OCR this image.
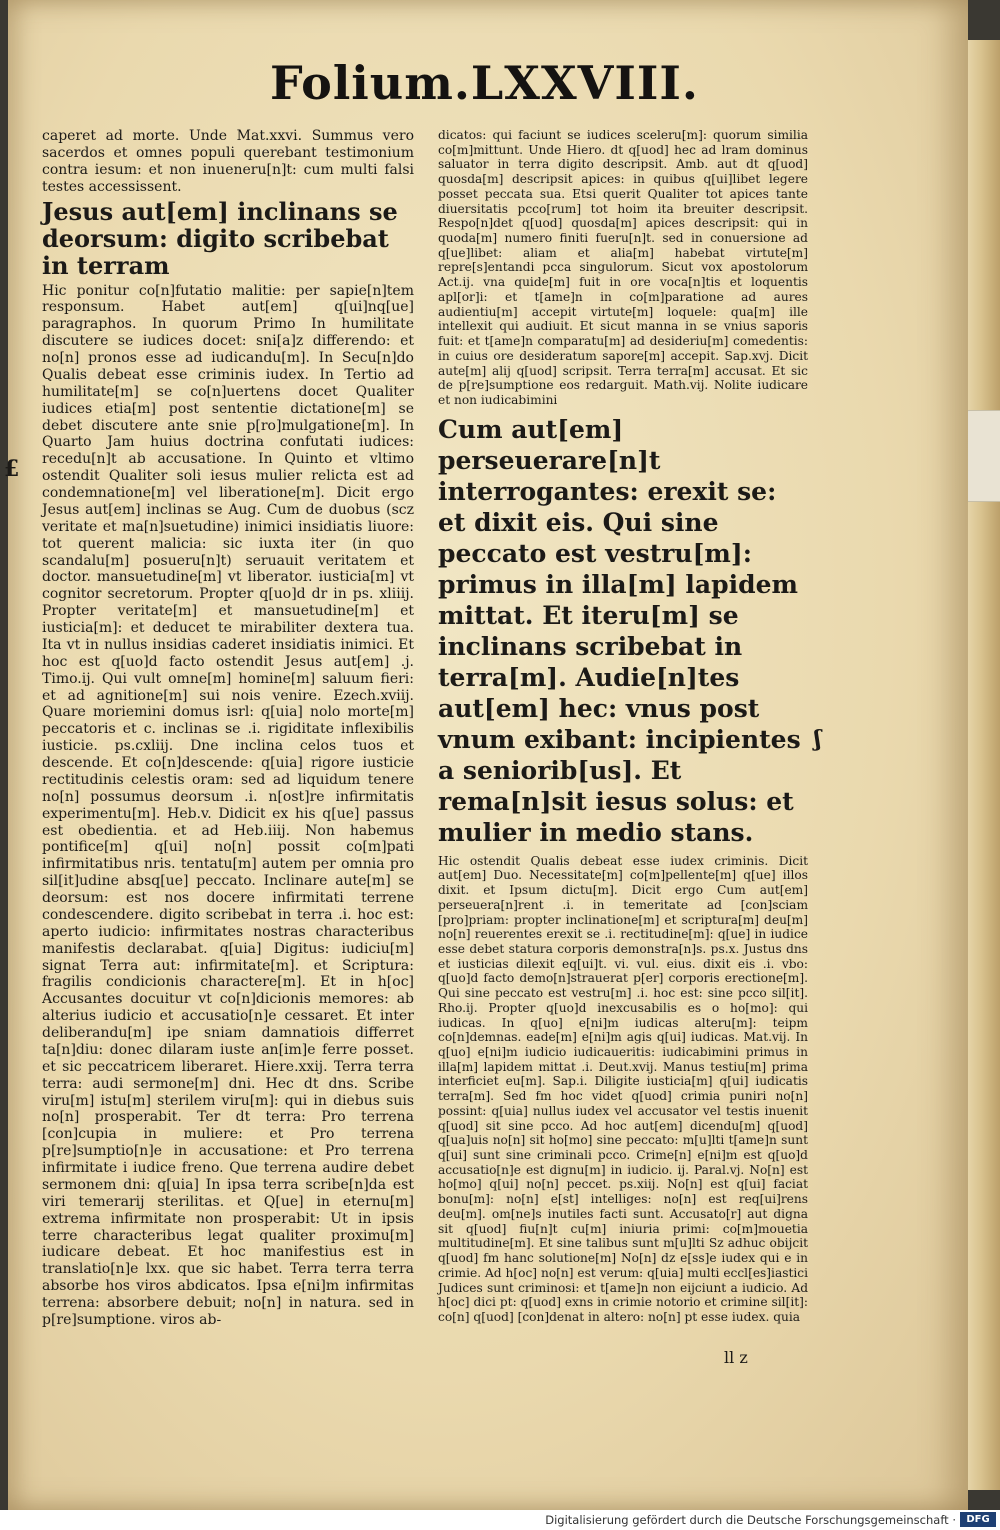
Folium.LXXVIII.

caperet ad morte. Unde Mat.xxvi. Summus vero sacerdos et omnes populi querebant testimonium contra iesum: et non inueneru[n]t: cum multi falsi testes accessissent.

Jesus aut[em] inclinans se deorsum: digito scribebat in terram

Hic ponitur co[n]futatio malitie: per sapie[n]tem responsum. Habet aut[em] q[ui]nq[ue] paragraphos. In quorum Primo In humilitate discutere se iudices docet: sni[a]z differendo: et no[n] pronos esse ad iudicandu[m]. In Secu[n]do Qualis debeat esse criminis iudex. In Tertio ad humilitate[m] se co[n]uertens docet Qualiter iudices etia[m] post sententie dictatione[m] se debet discutere ante snie p[ro]mulgatione[m]. In Quarto Jam huius doctrina confutati iudices: recedu[n]t ab accusatione. In Quinto et vltimo ostendit Qualiter soli iesus mulier relicta est ad condemnatione[m] vel liberatione[m]. Dicit ergo Jesus aut[em] inclinas se Aug. Cum de duobus (scz veritate et ma[n]suetudine) inimici insidiatis liuore: tot querent malicia: sic iuxta iter (in quo scandalu[m] posueru[n]t) seruauit veritatem et doctor. mansuetudine[m] vt liberator. iusticia[m] vt cognitor secretorum. Propter q[uo]d dr in ps. xliiij. Propter veritate[m] et mansuetudine[m] et iusticia[m]: et deducet te mirabiliter dextera tua. Ita vt in nullus insidias caderet insidiatis inimici. Et hoc est q[uo]d facto ostendit Jesus aut[em] .j. Timo.ij. Qui vult omne[m] homine[m] saluum fieri: et ad agnitione[m] sui nois venire. Ezech.xviij. Quare moriemini domus isrl: q[uia] nolo morte[m] peccatoris et c. inclinas se .i. rigiditate inflexibilis iusticie. ps.cxliij. Dne inclina celos tuos et descende. Et co[n]descende: q[uia] rigore iusticie rectitudinis celestis oram: sed ad liquidum tenere no[n] possumus deorsum .i. n[ost]re infirmitatis experimentu[m]. Heb.v. Didicit ex his q[ue] passus est obedientia. et ad Heb.iiij. Non habemus pontifice[m] q[ui] no[n] possit co[m]pati infirmitatibus nris. tentatu[m] autem per omnia pro sil[it]udine absq[ue] peccato. Inclinare aute[m] se deorsum: est nos docere infirmitati terrene condescendere. digito scribebat in terra .i. hoc est: aperto iudicio: infirmitates nostras characteribus manifestis declarabat. q[uia] Digitus: iudiciu[m] signat Terra aut: infirmitate[m]. et Scriptura: fragilis condicionis charactere[m]. Et in h[oc] Accusantes docuitur vt co[n]dicionis memores: ab alterius iudicio et accusatio[n]e cessaret. Et inter deliberandu[m] ipe sniam damnatiois differret ta[n]diu: donec dilaram iuste an[im]e ferre posset. et sic peccatricem liberaret. Hiere.xxij. Terra terra terra: audi sermone[m] dni. Hec dt dns. Scribe viru[m] istu[m] sterilem viru[m]: qui in diebus suis no[n] prosperabit. Ter dt terra: Pro terrena [con]cupia in muliere: et Pro terrena p[re]sumptio[n]e in accusatione: et Pro terrena infirmitate i iudice freno. Que terrena audire debet sermonem dni: q[uia] In ipsa terra scribe[n]da est viri temerarij sterilitas. et Q[ue] in eternu[m] extrema infirmitate non prosperabit: Ut in ipsis terre characteribus legat qualiter proximu[m] iudicare debeat. Et hoc manifestius est in translatio[n]e lxx. que sic habet. Terra terra terra absorbe hos viros abdicatos. Ipsa e[ni]m infirmitas terrena: absorbere debuit; no[n] in natura. sed in p[re]sumptione. viros ab-

dicatos: qui faciunt se iudices sceleru[m]: quorum similia co[m]mittunt. Unde Hiero. dt q[uod] hec ad lram dominus saluator in terra digito descripsit. Amb. aut dt q[uod] quosda[m] descripsit apices: in quibus q[ui]libet legere posset peccata sua. Etsi querit Qualiter tot apices tante diuersitatis pcco[rum] tot hoim ita breuiter descripsit. Respo[n]det q[uod] quosda[m] apices descripsit: qui in quoda[m] numero finiti fueru[n]t. sed in conuersione ad q[ue]libet: aliam et alia[m] habebat virtute[m] repre[s]entandi pcca singulorum. Sicut vox apostolorum Act.ij. vna quide[m] fuit in ore voca[n]tis et loquentis apl[or]i: et t[ame]n in co[m]paratione ad aures audientiu[m] accepit virtute[m] loquele: qua[m] ille intellexit qui audiuit. Et sicut manna in se vnius saporis fuit: et t[ame]n comparatu[m] ad desideriu[m] comedentis: in cuius ore desideratum sapore[m] accepit. Sap.xvj. Dicit aute[m] alij q[uod] scripsit. Terra terra[m] accusat. Et sic de p[re]sumptione eos redarguit. Math.vij. Nolite iudicare et non iudicabimini

Cum aut[em] perseuerare[n]t interrogantes: erexit se: et dixit eis. Qui sine peccato est vestru[m]: primus in illa[m] lapidem mittat. Et iteru[m] se inclinans scribebat in terra[m]. Audie[n]tes aut[em] hec: vnus post vnum exibant: incipientes a seniorib[us]. Et rema[n]sit iesus solus: et mulier in medio stans.

Hic ostendit Qualis debeat esse iudex criminis. Dicit aut[em] Duo. Necessitate[m] co[m]pellente[m] q[ue] illos dixit. et Ipsum dictu[m]. Dicit ergo Cum aut[em] perseuera[n]rent .i. in temeritate ad [con]sciam [pro]priam: propter inclinatione[m] et scriptura[m] deu[m] no[n] reuerentes erexit se .i. rectitudine[m]: q[ue] in iudice esse debet statura corporis demonstra[n]s. ps.x. Justus dns et iusticias dilexit eq[ui]t. vi. vul. eius. dixit eis .i. vbo: q[uo]d facto demo[n]strauerat p[er] corporis erectione[m]. Qui sine peccato est vestru[m] .i. hoc est: sine pcco sil[it]. Rho.ij. Propter q[uo]d inexcusabilis es o ho[mo]: qui iudicas. In q[uo] e[ni]m iudicas alteru[m]: teipm co[n]demnas. eade[m] e[ni]m agis q[ui] iudicas. Mat.vij. In q[uo] e[ni]m iudicio iudicaueritis: iudicabimini primus in illa[m] lapidem mittat .i. Deut.xvij. Manus testiu[m] prima interficiet eu[m]. Sap.i. Diligite iusticia[m] q[ui] iudicatis terra[m]. Sed fm hoc videt q[uod] crimia puniri no[n] possint: q[uia] nullus iudex vel accusator vel testis inuenit q[uod] sit sine pcco. Ad hoc aut[em] dicendu[m] q[uod] q[ua]uis no[n] sit ho[mo] sine peccato: m[u]lti t[ame]n sunt q[ui] sunt sine criminali pcco. Crime[n] e[ni]m est q[uo]d accusatio[n]e est dignu[m] in iudicio. ij. Paral.vj. No[n] est ho[mo] q[ui] no[n] peccet. ps.xiij. No[n] est q[ui] faciat bonu[m]: no[n] e[st] intelliges: no[n] est req[ui]rens deu[m]. om[ne]s inutiles facti sunt. Accusato[r] aut digna sit q[uod] fiu[n]t cu[m] iniuria primi: co[m]mouetia multitudine[m]. Et sine talibus sunt m[u]lti Sz adhuc obijcit q[uod] fm hanc solutione[m] No[n] dz e[ss]e iudex qui e in crimie. Ad h[oc] no[n] est verum: q[uia] multi eccl[es]iastici Judices sunt criminosi: et t[ame]n non eijciunt a iudicio. Ad h[oc] dici pt: q[uod] exns in crimie notorio et crimine sil[it]: co[n] q[uod] [con]denat in altero: no[n] pt esse iudex. quia

£
ʃ
ll z
Digitalisierung gefördert durch die Deutsche Forschungsgemeinschaft ·	DFG
